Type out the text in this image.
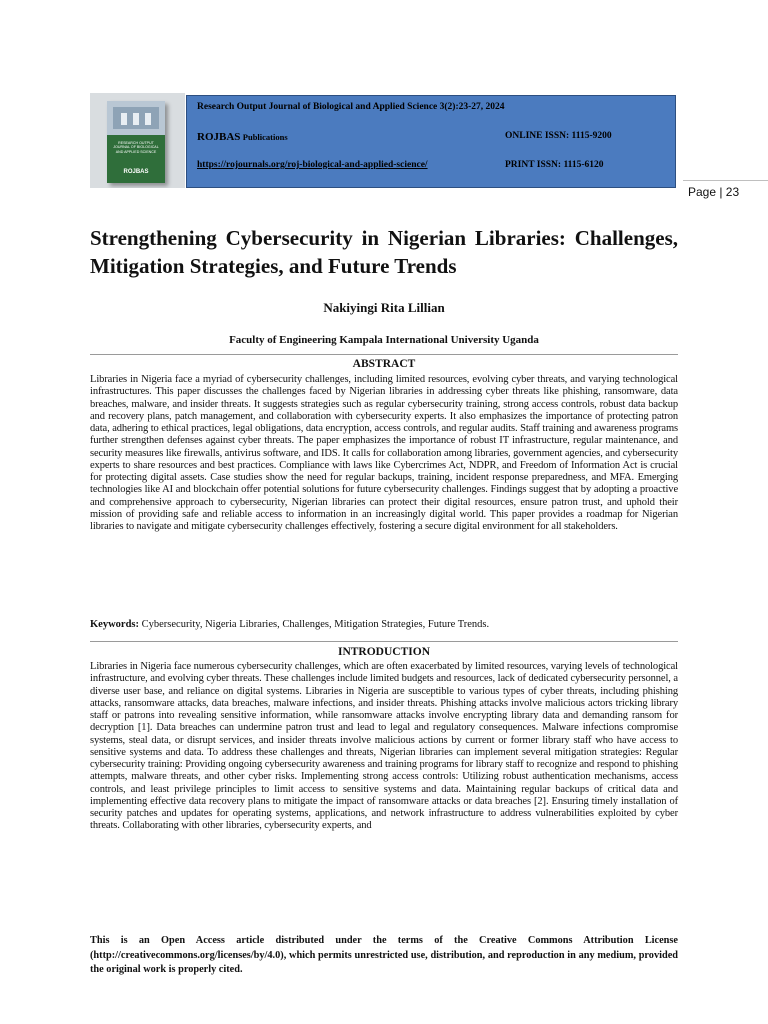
RESEARCH OUTPUT JOURNAL OF BIOLOGICAL AND APPLIED SCIENCE
ROJBAS
Research Output Journal of Biological and Applied Science 3(2):23-27, 2024
ROJBAS Publications	ONLINE ISSN: 1115-9200
https://rojournals.org/roj-biological-and-applied-science/	PRINT ISSN: 1115-6120
Page | 23
Strengthening Cybersecurity in Nigerian Libraries: Challenges, Mitigation Strategies, and Future Trends
Nakiyingi Rita Lillian
Faculty of Engineering Kampala International University Uganda
ABSTRACT
Libraries in Nigeria face a myriad of cybersecurity challenges, including limited resources, evolving cyber threats, and varying technological infrastructures. This paper discusses the challenges faced by Nigerian libraries in addressing cyber threats like phishing, ransomware, data breaches, malware, and insider threats. It suggests strategies such as regular cybersecurity training, strong access controls, robust data backup and recovery plans, patch management, and collaboration with cybersecurity experts. It also emphasizes the importance of protecting patron data, adhering to ethical practices, legal obligations, data encryption, access controls, and regular audits. Staff training and awareness programs further strengthen defenses against cyber threats. The paper emphasizes the importance of robust IT infrastructure, regular maintenance, and security measures like firewalls, antivirus software, and IDS. It calls for collaboration among libraries, government agencies, and cybersecurity experts to share resources and best practices. Compliance with laws like Cybercrimes Act, NDPR, and Freedom of Information Act is crucial for protecting digital assets. Case studies show the need for regular backups, training, incident response preparedness, and MFA. Emerging technologies like AI and blockchain offer potential solutions for future cybersecurity challenges. Findings suggest that by adopting a proactive and comprehensive approach to cybersecurity, Nigerian libraries can protect their digital resources, ensure patron trust, and uphold their mission of providing safe and reliable access to information in an increasingly digital world. This paper provides a roadmap for Nigerian libraries to navigate and mitigate cybersecurity challenges effectively, fostering a secure digital environment for all stakeholders.
Keywords: Cybersecurity, Nigeria Libraries, Challenges, Mitigation Strategies, Future Trends.
INTRODUCTION
Libraries in Nigeria face numerous cybersecurity challenges, which are often exacerbated by limited resources, varying levels of technological infrastructure, and evolving cyber threats. These challenges include limited budgets and resources, lack of dedicated cybersecurity personnel, a diverse user base, and reliance on digital systems. Libraries in Nigeria are susceptible to various types of cyber threats, including phishing attacks, ransomware attacks, data breaches, malware infections, and insider threats. Phishing attacks involve malicious actors tricking library staff or patrons into revealing sensitive information, while ransomware attacks involve encrypting library data and demanding ransom for decryption [1]. Data breaches can undermine patron trust and lead to legal and regulatory consequences. Malware infections compromise systems, steal data, or disrupt services, and insider threats involve malicious actions by current or former library staff who have access to sensitive systems and data. To address these challenges and threats, Nigerian libraries can implement several mitigation strategies: Regular cybersecurity training: Providing ongoing cybersecurity awareness and training programs for library staff to recognize and respond to phishing attempts, malware threats, and other cyber risks. Implementing strong access controls: Utilizing robust authentication mechanisms, access controls, and least privilege principles to limit access to sensitive systems and data. Maintaining regular backups of critical data and implementing effective data recovery plans to mitigate the impact of ransomware attacks or data breaches [2]. Ensuring timely installation of security patches and updates for operating systems, applications, and network infrastructure to address vulnerabilities exploited by cyber threats. Collaborating with other libraries, cybersecurity experts, and
This is an Open Access article distributed under the terms of the Creative Commons Attribution License (http://creativecommons.org/licenses/by/4.0), which permits unrestricted use, distribution, and reproduction in any medium, provided the original work is properly cited.
